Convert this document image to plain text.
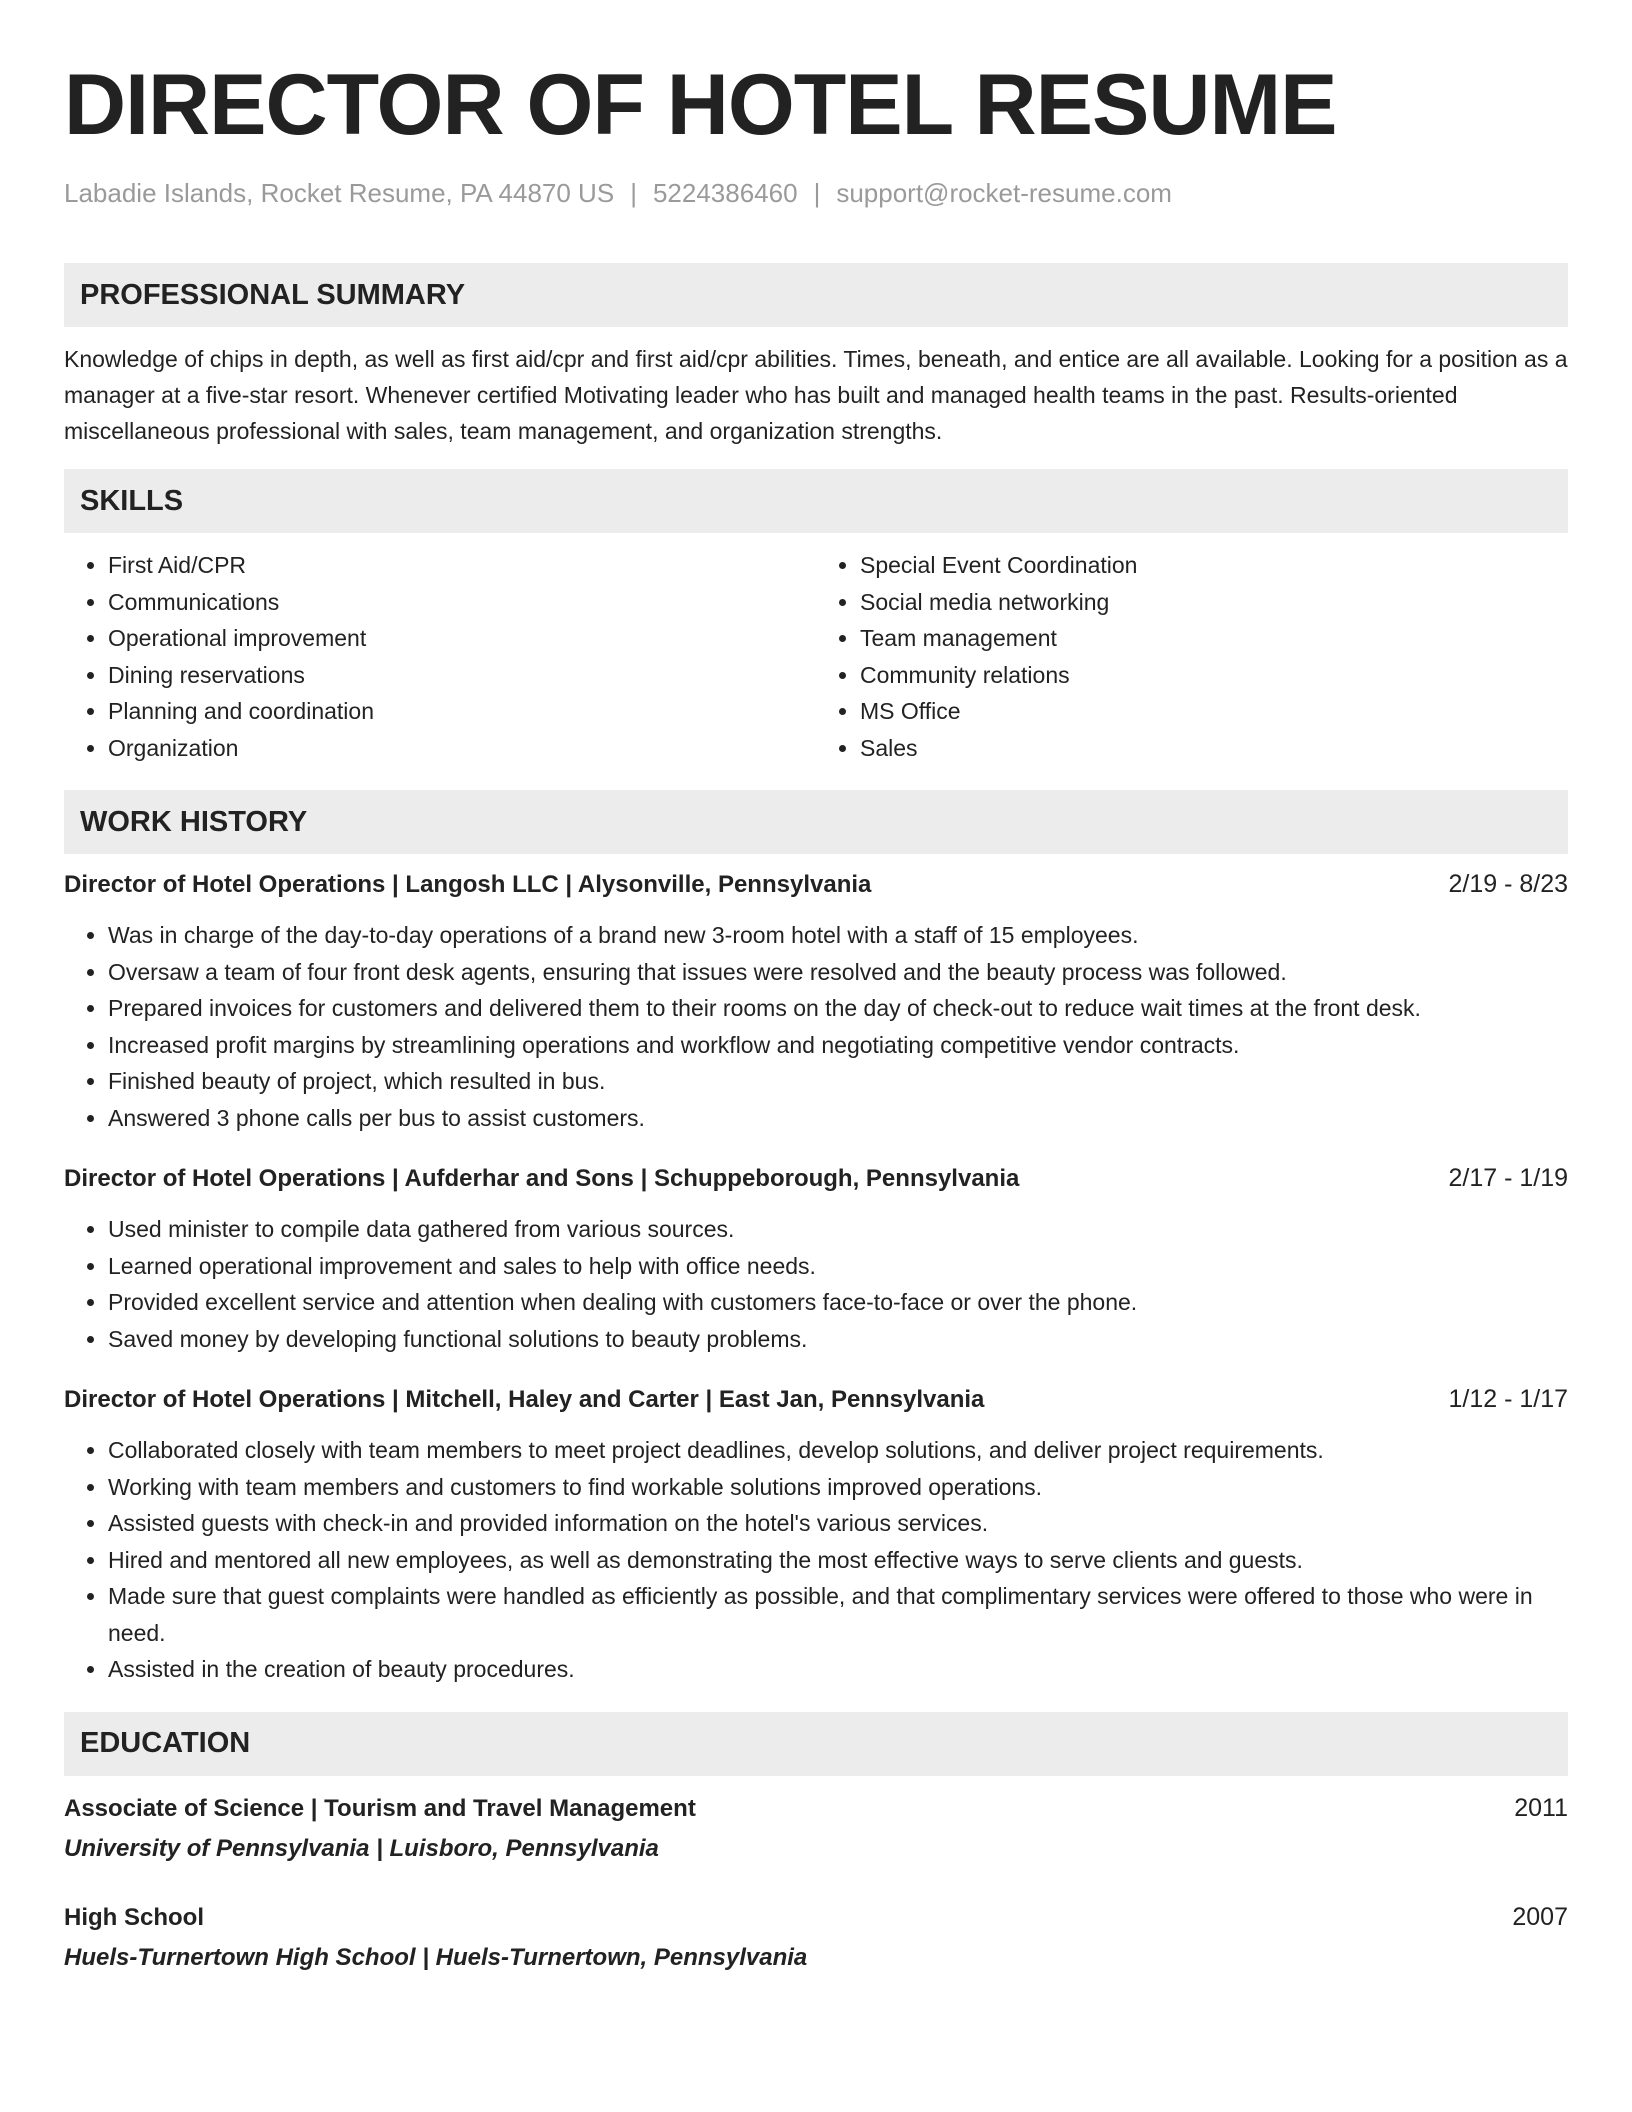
DIRECTOR OF HOTEL RESUME
Labadie Islands, Rocket Resume, PA 44870 US | 5224386460 | support@rocket-resume.com
PROFESSIONAL SUMMARY

Knowledge of chips in depth, as well as first aid/cpr and first aid/cpr abilities. Times, beneath, and entice are all available. Looking for a position as a manager at a five-star resort. Whenever certified Motivating leader who has built and managed health teams in the past. Results-oriented miscellaneous professional with sales, team management, and organization strengths.

SKILLS
• First Aid/CPR
• Communications
• Operational improvement
• Dining reservations
• Planning and coordination
• Organization
• Special Event Coordination
• Social media networking
• Team management
• Community relations
• MS Office
• Sales
WORK HISTORY
Director of Hotel Operations | Langosh LLC | Alysonville, Pennsylvania	2/19 - 8/23
• Was in charge of the day-to-day operations of a brand new 3-room hotel with a staff of 15 employees.
• Oversaw a team of four front desk agents, ensuring that issues were resolved and the beauty process was followed.
• Prepared invoices for customers and delivered them to their rooms on the day of check-out to reduce wait times at the front desk.
• Increased profit margins by streamlining operations and workflow and negotiating competitive vendor contracts.
• Finished beauty of project, which resulted in bus.
• Answered 3 phone calls per bus to assist customers.
Director of Hotel Operations | Aufderhar and Sons | Schuppeborough, Pennsylvania	2/17 - 1/19
• Used minister to compile data gathered from various sources.
• Learned operational improvement and sales to help with office needs.
• Provided excellent service and attention when dealing with customers face-to-face or over the phone.
• Saved money by developing functional solutions to beauty problems.
Director of Hotel Operations | Mitchell, Haley and Carter | East Jan, Pennsylvania	1/12 - 1/17
• Collaborated closely with team members to meet project deadlines, develop solutions, and deliver project requirements.
• Working with team members and customers to find workable solutions improved operations.
• Assisted guests with check-in and provided information on the hotel's various services.
• Hired and mentored all new employees, as well as demonstrating the most effective ways to serve clients and guests.
• Made sure that guest complaints were handled as efficiently as possible, and that complimentary services were offered to those who were in need.
• Assisted in the creation of beauty procedures.
EDUCATION
Associate of Science | Tourism and Travel Management	2011
University of Pennsylvania | Luisboro, Pennsylvania
High School	2007
Huels-Turnertown High School | Huels-Turnertown, Pennsylvania
